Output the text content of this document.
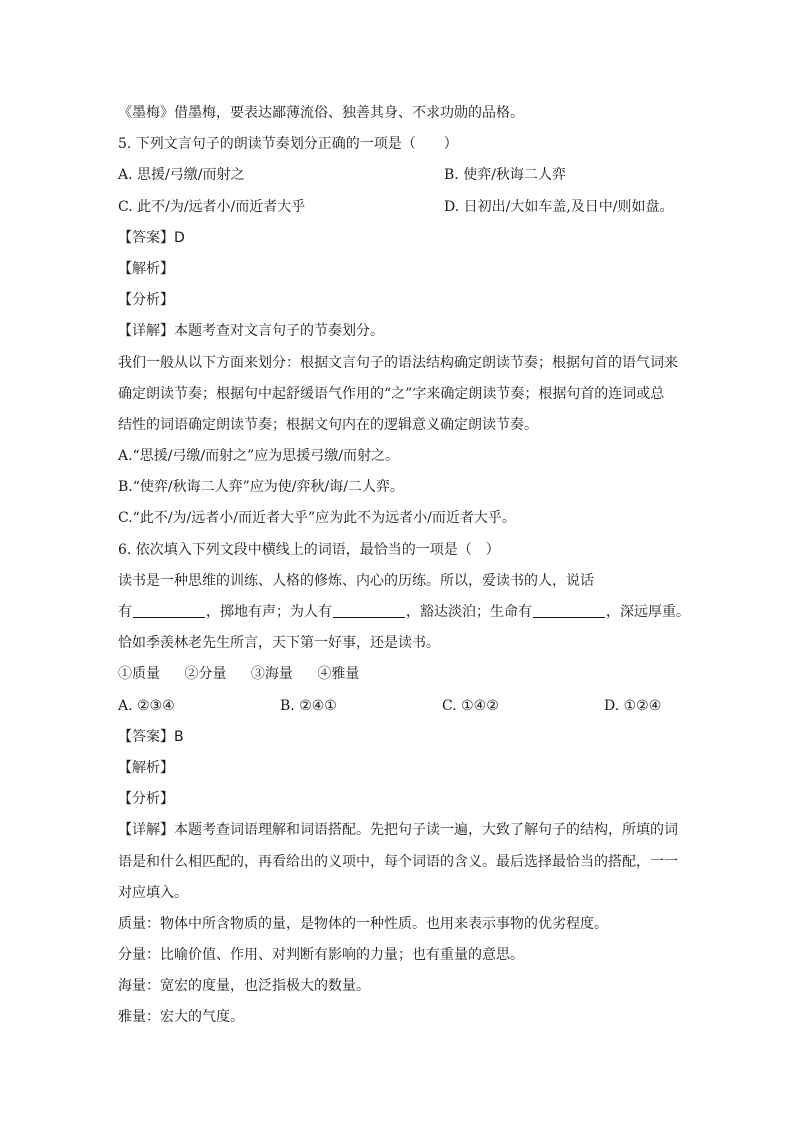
《墨梅》借墨梅，要表达鄙薄流俗、独善其身、不求功勋的品格。
5. 下列文言句子的朗读节奏划分正确的一项是（　　）
A. 思援/弓缴/而射之	B. 使弈/秋诲二人弈
C. 此不/为/远者小/而近者大乎	D. 日初出/大如车盖,及日中/则如盘。
【答案】D
【解析】
【分析】
【详解】本题考查对文言句子的节奏划分。
我们一般从以下方面来划分：根据文言句子的语法结构确定朗读节奏；根据句首的语气词来
确定朗读节奏；根据句中起舒缓语气作用的“之”字来确定朗读节奏；根据句首的连词或总
结性的词语确定朗读节奏；根据文句内在的逻辑意义确定朗读节奏。
A.“思援/弓缴/而射之”应为思援弓缴/而射之。
B.“使弈/秋诲二人弈”应为使/弈秋/诲/二人弈。
C.“此不/为/远者小/而近者大乎”应为此不为远者小/而近者大乎。
6. 依次填入下列文段中横线上的词语，最恰当的一项是（　）
读书是一种思维的训练、人格的修炼、内心的历练。所以，爱读书的人，说话
有	，掷地有声；为人有	，豁达淡泊；生命有	，深远厚重。
恰如季羡林老先生所言，天下第一好事，还是读书。
①质量 ②分量 ③海量 ④雅量
A. ②③④	B. ②④①	C. ①④②	D. ①②④
【答案】B
【解析】
【分析】
【详解】本题考查词语理解和词语搭配。先把句子读一遍，大致了解句子的结构，所填的词
语是和什么相匹配的，再看给出的义项中，每个词语的含义。最后选择最恰当的搭配，一一
对应填入。
质量：物体中所含物质的量，是物体的一种性质。也用来表示事物的优劣程度。
分量：比喻价值、作用、对判断有影响的力量；也有重量的意思。
海量：宽宏的度量，也泛指极大的数量。
雅量：宏大的气度。
